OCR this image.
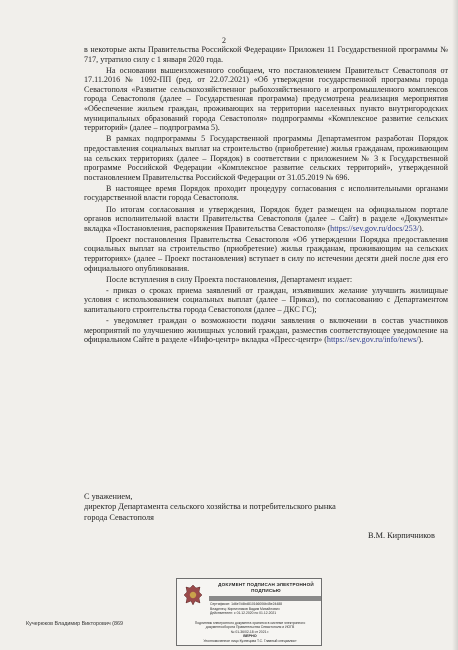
2

в некоторые акты Правительства Российской Федерации» Приложен 11 Государственной программы № 717, утратило силу с 1 января 2020 года.

На основании вышеизложенного сообщаем, что постановлением Правительст Севастополя от 17.11.2016 № 1092-ПП (ред. от 22.07.2021) «Об утверждени государственной программы города Севастополя «Развитие сельскохозяйственног рыбохозяйственного и агропромышленного комплексов города Севастополя (далее – Государственная программа) предусмотрена реализация мероприятия «Обеспечение жильем граждан, проживающих на территории населенных пункто внутригородских муниципальных образований города Севастополя» подпрограммы «Комплексное развитие сельских территорий» (далее – подпрограмма 5).

В рамках подпрограммы 5 Государственной программы Департаментом разработан Порядок предоставления социальных выплат на строительство (приобретение) жилья гражданам, проживающим на сельских территориях (далее – Порядок) в соответствии с приложением № 3 к Государственной программе Российской Федерации «Комплексное развитие сельских территорий», утвержденной постановлением Правительства Российской Федерации от 31.05.2019 № 696.

В настоящее время Порядок проходит процедуру согласования с исполнительными органами государственной власти города Севастополя.

По итогам согласования и утверждения, Порядок будет размещен на официальном портале органов исполнительной власти Правительства Севастополя (далее – Сайт) в разделе «Документы» вкладка «Постановления, распоряжения Правительства Севастополя» (https://sev.gov.ru/docs/253/).

Проект постановления Правительства Севастополя «Об утверждении Порядка предоставления социальных выплат на строительство (приобретение) жилья гражданам, проживающим на сельских территориях» (далее – Проект постановления) вступает в силу по истечении десяти дней после дня его официального опубликования.

После вступления в силу Проекта постановления, Департамент издает:

- приказ о сроках приема заявлений от граждан, изъявивших желание улучшить жилищные условия с использованием социальных выплат (далее – Приказ), по согласованию с Департаментом капитального строительства города Севастополя (далее – ДКС ГС);

- уведомляет граждан о возможности подачи заявления о включении в состав участников мероприятий по улучшению жилищных условий граждан, разместив соответствующее уведомление на официальном Сайте в разделе «Инфо-центр» вкладка «Пресс-центр» (https://sev.gov.ru/info/news/).

С уважением,
директор Департамента сельского хозяйства и потребительского рынка города Севастополя
В.М. Кирпичников
ДОКУМЕНТ ПОДПИСАН ЭЛЕКТРОННОЙ ПОДПИСЬЮ
Сертификат: 1d6e7d4bd810166006b45e24488
Владелец: Кирпичников Вадим Михайлович
Действителен: с 01.12.2020 по 01.12.2021
Подлинник электронного документа хранится в системе электронного документооборота Правительства Севастополя и ИОГВ
№ 01-36/02-18 от 2021 г.
ВЕРНО
Уполномоченное лицо Кузнецова Т.С. Главный специалист
Кучерюков Владимир Викторович (869
